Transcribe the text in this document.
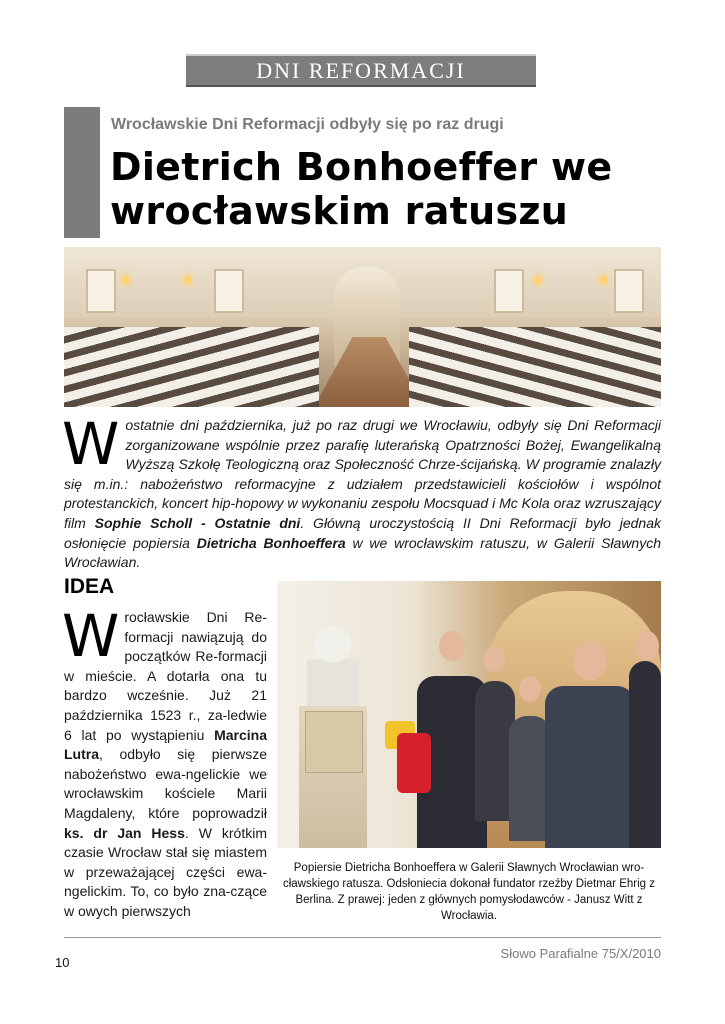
DNI REFORMACJI
Wrocławskie Dni Reformacji odbyły się po raz drugi
Dietrich Bonhoeffer we wrocławskim ratuszu

W ostatnie dni października, już po raz drugi we Wrocławiu, odbyły się Dni Reformacji zorganizowane wspólnie przez parafię luterańską Opatrzności Bożej, Ewangelikalną Wyższą Szkołę Teologiczną oraz Społeczność Chrze-ścijańską. W programie znalazły się m.in.: nabożeństwo reformacyjne z udziałem przedstawicieli kościołów i wspólnot protestanckich, koncert hip-hopowy w wykonaniu zespołu Mocsquad i Mc Kola oraz wzruszający film Sophie Scholl - Ostatnie dni. Główną uroczystością II Dni Reformacji było jednak osłonięcie popiersia Dietricha Bonhoeffera w we wrocławskim ratuszu, w Galerii Sławnych Wrocławian.

IDEA

Wrocławskie Dni Re-formacji nawiązują do początków Re-formacji w mieście. A dotarła ona tu bardzo wcześnie. Już 21 października 1523 r., za-ledwie 6 lat po wystąpieniu Marcina Lutra, odbyło się pierwsze nabożeństwo ewa-ngelickie we wrocławskim kościele Marii Magdaleny, które poprowadził ks. dr Jan Hess. W krótkim czasie Wrocław stał się miastem w przeważającej części ewa-ngelickim. To, co było zna-czące w owych pierwszych

Popiersie Dietricha Bonhoeffera w Galerii Sławnych Wrocławian wro-cławskiego ratusza. Odsłoniecia dokonał fundator rzeźby Dietmar Ehrig z Berlina. Z prawej: jeden z głównych pomysłodawców - Janusz Witt z Wrocławia.

10
Słowo Parafialne 75/X/2010
